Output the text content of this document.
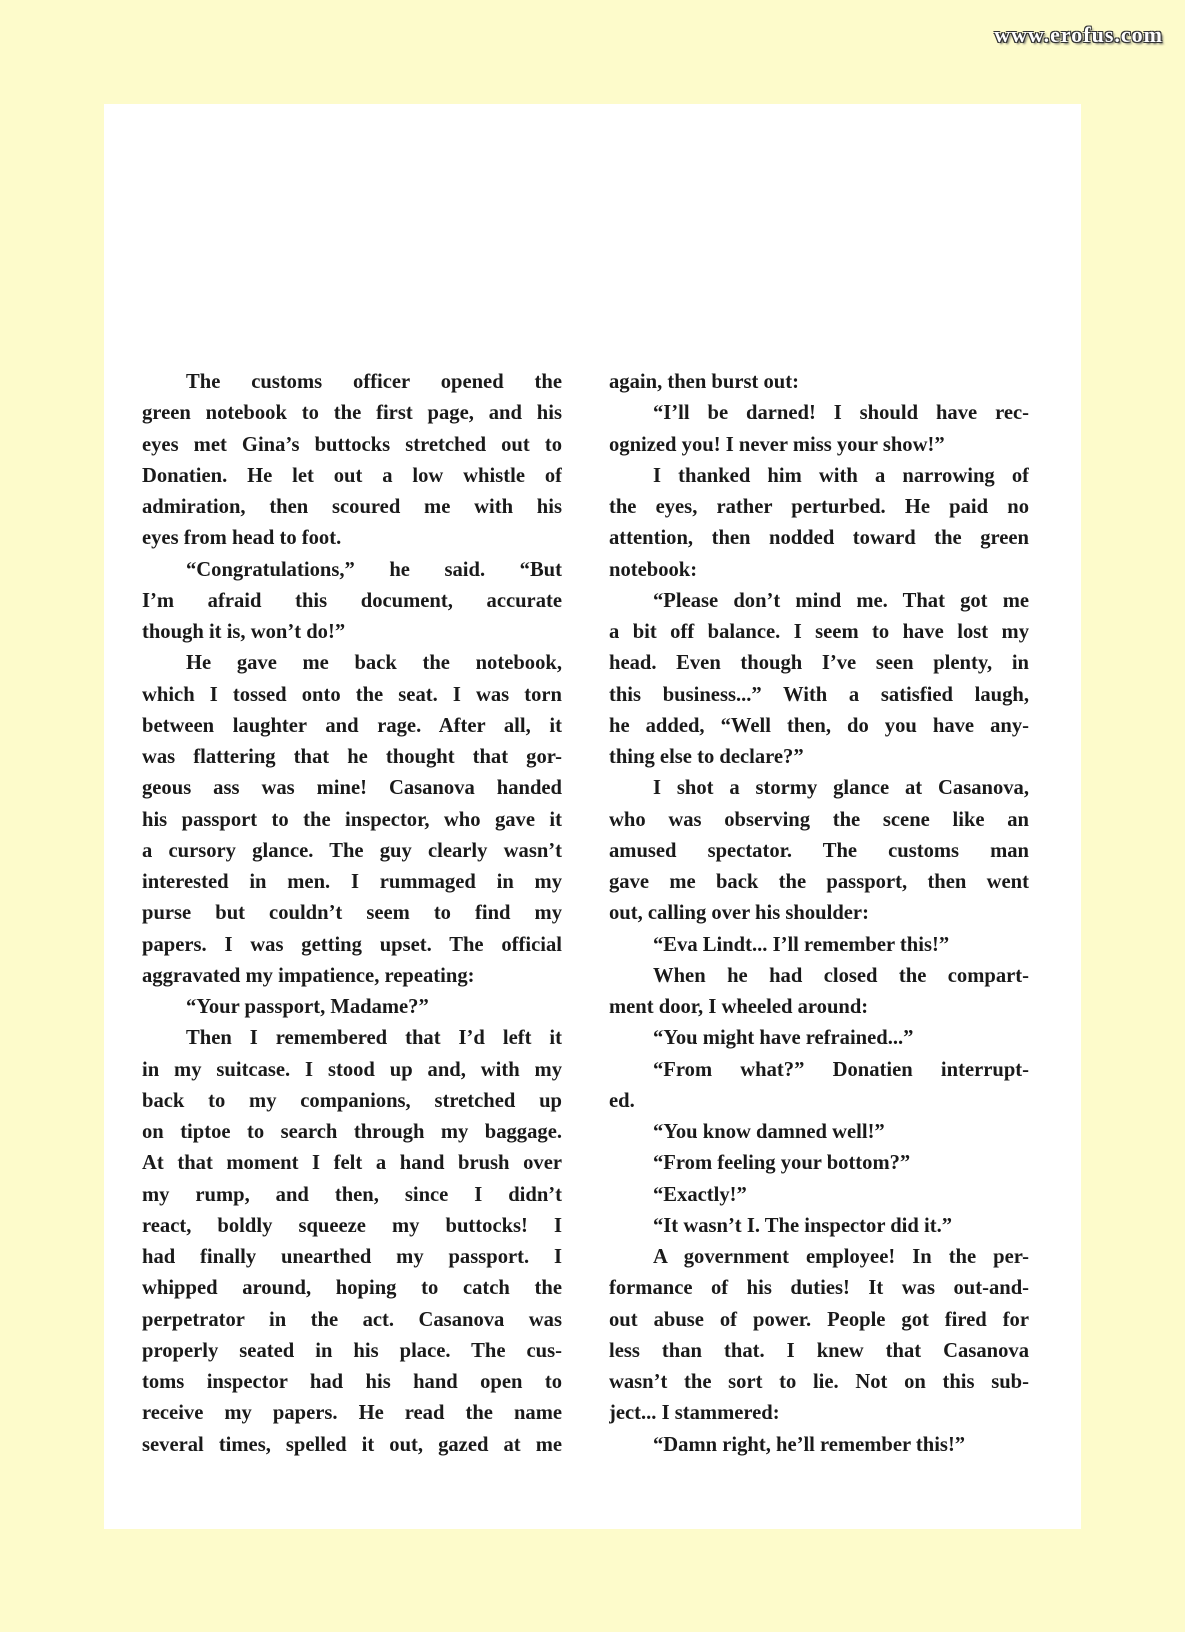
www.erofus.com
The customs officer opened the
green notebook to the first page, and his
eyes met Gina’s buttocks stretched out to
Donatien. He let out a low whistle of
admiration, then scoured me with his
eyes from head to foot.
“Congratulations,” he said. “But
I’m afraid this document, accurate
though it is, won’t do!”
He gave me back the notebook,
which I tossed onto the seat. I was torn
between laughter and rage. After all, it
was flattering that he thought that gor-
geous ass was mine! Casanova handed
his passport to the inspector, who gave it
a cursory glance. The guy clearly wasn’t
interested in men. I rummaged in my
purse but couldn’t seem to find my
papers. I was getting upset. The official
aggravated my impatience, repeating:
“Your passport, Madame?”
Then I remembered that I’d left it
in my suitcase. I stood up and, with my
back to my companions, stretched up
on tiptoe to search through my baggage.
At that moment I felt a hand brush over
my rump, and then, since I didn’t
react, boldly squeeze my buttocks! I
had finally unearthed my passport. I
whipped around, hoping to catch the
perpetrator in the act. Casanova was
properly seated in his place. The cus-
toms inspector had his hand open to
receive my papers. He read the name
several times, spelled it out, gazed at me
again, then burst out:
“I’ll be darned! I should have rec-
ognized you! I never miss your show!”
I thanked him with a narrowing of
the eyes, rather perturbed. He paid no
attention, then nodded toward the green
notebook:
“Please don’t mind me. That got me
a bit off balance. I seem to have lost my
head. Even though I’ve seen plenty, in
this business...” With a satisfied laugh,
he added, “Well then, do you have any-
thing else to declare?”
I shot a stormy glance at Casanova,
who was observing the scene like an
amused spectator. The customs man
gave me back the passport, then went
out, calling over his shoulder:
“Eva Lindt... I’ll remember this!”
When he had closed the compart-
ment door, I wheeled around:
“You might have refrained...”
“From what?” Donatien interrupt-
ed.
“You know damned well!”
“From feeling your bottom?”
“Exactly!”
“It wasn’t I. The inspector did it.”
A government employee! In the per-
formance of his duties! It was out-and-
out abuse of power. People got fired for
less than that. I knew that Casanova
wasn’t the sort to lie. Not on this sub-
ject... I stammered:
“Damn right, he’ll remember this!”
